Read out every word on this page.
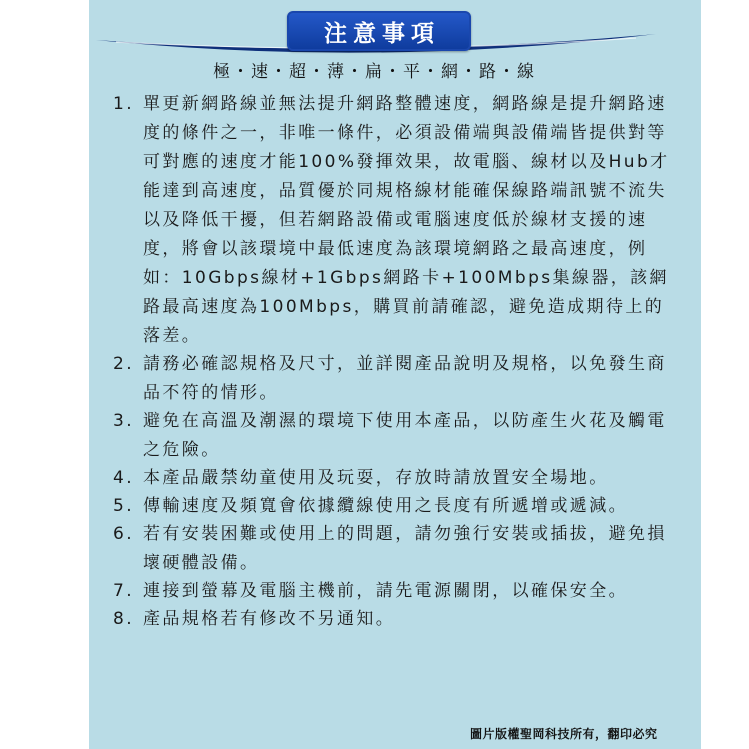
注意事項
極・速・超・薄・扁・平・網・路・線
1. 單更新網路線並無法提升網路整體速度，網路線是提升網路速度的條件之一，非唯一條件，必須設備端與設備端皆提供對等可對應的速度才能100%發揮效果，故電腦、線材以及Hub才能達到高速度，品質優於同規格線材能確保線路端訊號不流失以及降低干擾，但若網路設備或電腦速度低於線材支援的速度，將會以該環境中最低速度為該環境網路之最高速度，例如：10Gbps線材+1Gbps網路卡+100Mbps集線器，該網路最高速度為100Mbps，購買前請確認，避免造成期待上的落差。
2. 請務必確認規格及尺寸，並詳閱產品說明及規格，以免發生商品不符的情形。
3. 避免在高溫及潮濕的環境下使用本產品，以防產生火花及觸電之危險。
4. 本產品嚴禁幼童使用及玩耍，存放時請放置安全場地。
5. 傳輸速度及頻寬會依據纜線使用之長度有所遞增或遞減。
6. 若有安裝困難或使用上的問題，請勿強行安裝或插拔，避免損壞硬體設備。
7. 連接到螢幕及電腦主機前，請先電源關閉，以確保安全。
8. 產品規格若有修改不另通知。
圖片版權聖岡科技所有，翻印必究
